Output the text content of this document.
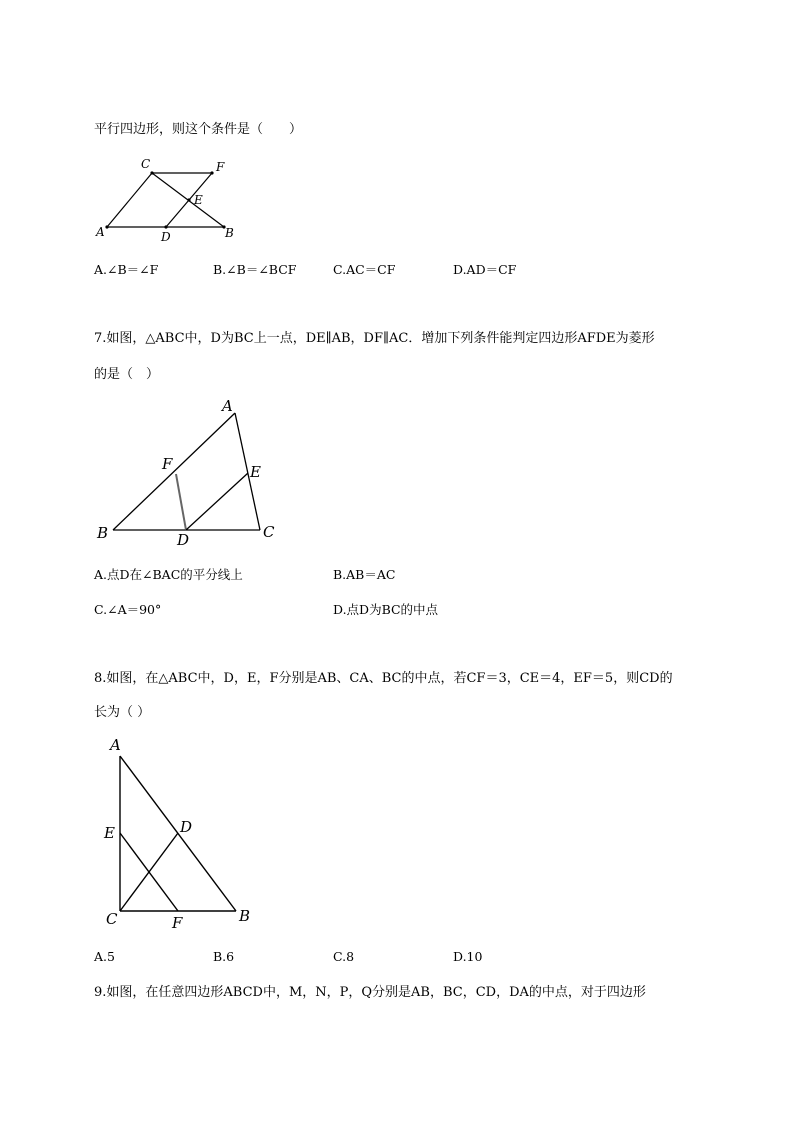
平行四边形，则这个条件是（　　）
C	F
E
A	D	B
A
F	E
B	D	C
A
E	D
C	F	B
A.∠B＝∠F	B.∠B＝∠BCF	C.AC＝CF	D.AD＝CF
7.如图，△ABC中，D为BC上一点，DE∥AB，DF∥AC．增加下列条件能判定四边形AFDE为菱形
的是（　）
A.点D在∠BAC的平分线上	B.AB＝AC
C.∠A＝90°	D.点D为BC的中点
8.如图，在△ABC中，D，E，F分别是AB、CA、BC的中点，若CF＝3，CE＝4，EF＝5，则CD的
长为（ ）
A.5	B.6	C.8	D.10
9.如图，在任意四边形ABCD中，M，N，P，Q分别是AB，BC，CD，DA的中点，对于四边形
